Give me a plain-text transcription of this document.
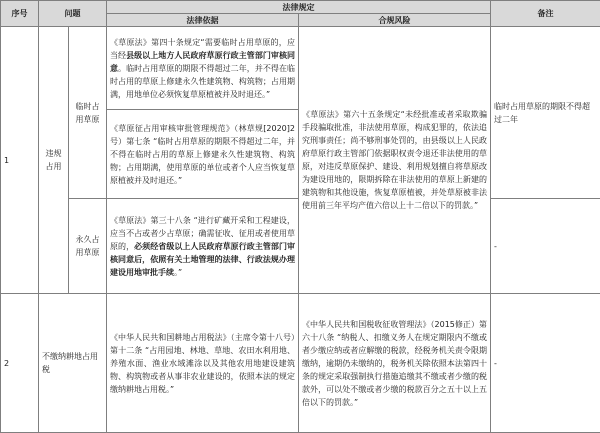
序号	问题		法律规定		备注
			法律依据	合规风险	
1	违规占用	临时占用草原	《草原法》第四十条规定“需要临时占用草原的，应当经县级以上地方人民政府草原行政主管部门审核同意。临时占用草原的期限不得超过二年，并不得在临时占用的草原上修建永久性建筑物、构筑物；占用期满，用地单位必须恢复草原植被并及时退还。”	《草原法》第六十五条规定“未经批准或者采取欺骗手段骗取批准，非法使用草原，构成犯罪的，依法追究刑事责任；尚不够刑事处罚的，由县级以上人民政府草原行政主管部门依据职权责令退还非法使用的草原，对违反草原保护、建设、利用规划擅自将草原改为建设用地的，限期拆除在非法使用的草原上新建的建筑物和其他设施，恢复草原植被，并处草原被非法使用前三年平均产值六倍以上十二倍以下的罚款。”	临时占用草原的期限不得超过二年
			《草原征占用审核审批管理规范》（林草规[2020]2号）第七条 “临时占用草原的期限不得超过二年，并不得在临时占用的草原上修建永久性建筑物、构筑物；占用期满，使用草原的单位或者个人应当恢复草原植被并及时退还。”		
		永久占用草原	《草原法》第三十八条 “进行矿藏开采和工程建设，应当不占或者少占草原；确需征收、征用或者使用草原的，必须经省级以上人民政府草原行政主管部门审核同意后，依照有关土地管理的法律、行政法规办理建设用地审批手续。”		-
2	不缴纳耕地占用税		《中华人民共和国耕地占用税法》（主席令第十八号）第十二条 “占用园地、林地、草地、农田水利用地、养殖水面、渔业水域滩涂以及其他农用地建设建筑物、构筑物或者从事非农业建设的，依照本法的规定缴纳耕地占用税。”	《中华人民共和国税收征收管理法》（2015修正）第六十八条 “纳税人、扣缴义务人在规定期限内不缴或者少缴应纳或者应解缴的税款，经税务机关责令限期缴纳，逾期仍未缴纳的，税务机关除依照本法第四十条的规定采取强制执行措施追缴其不缴或者少缴的税款外，可以处不缴或者少缴的税款百分之五十以上五倍以下的罚款。”	-
